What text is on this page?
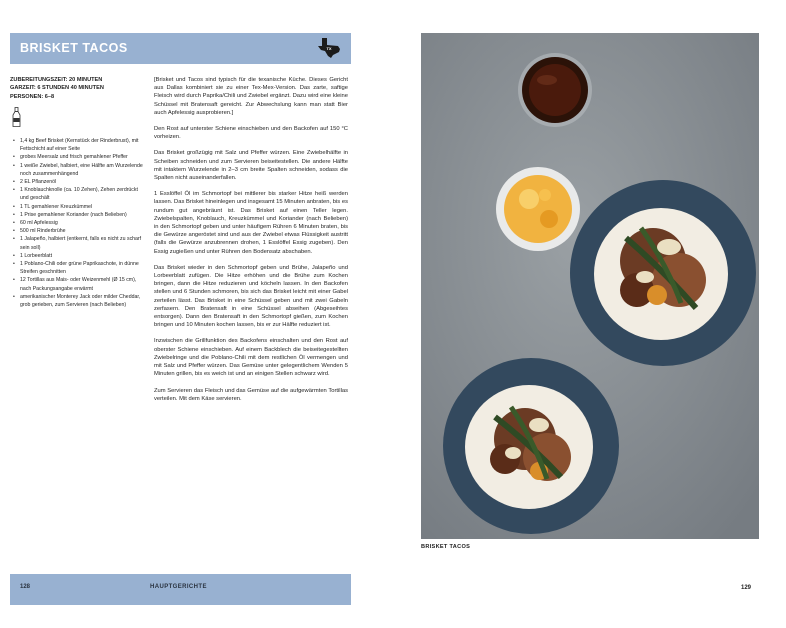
BRISKET TACOS	TX
ZUBEREITUNGSZEIT: 20 MINUTEN
GARZEIT: 6 STUNDEN 40 MINUTEN
PERSONEN: 6–8
• 1,4 kg Beef Brisket (Kernstück der Rinderbrust), mit Fettschicht auf einer Seite
• grobes Meersalz und frisch gemahlener Pfeffer
• 1 weiße Zwiebel, halbiert, eine Hälfte am Wurzelende noch zusammenhängend
• 2 EL Pflanzenöl
• 1 Knoblauchknolle (ca. 10 Zehen), Zehen zerdrückt und geschält
• 1 TL gemahlener Kreuzkümmel
• 1 Prise gemahlener Koriander (nach Belieben)
• 60 ml Apfelessig
• 500 ml Rinderbrühe
• 1 Jalapeño, halbiert (entkernt, falls es nicht zu scharf sein soll)
• 1 Lorbeerblatt
• 1 Poblano-Chili oder grüne Paprikaschote, in dünne Streifen geschnitten
• 12 Tortillas aus Mais- oder Weizenmehl (Ø 15 cm), nach Packungsangabe erwärmt
• amerikanischer Monterey Jack oder milder Cheddar, grob gerieben, zum Servieren (nach Belieben)

[Brisket und Tacos sind typisch für die texanische Küche. Dieses Gericht aus Dallas kombiniert sie zu einer Tex-Mex-Version. Das zarte, saftige Fleisch wird durch Paprika/Chili und Zwiebel ergänzt. Dazu wird eine kleine Schüssel mit Bratensaft gereicht. Zur Abwechslung kann man statt Bier auch Apfelessig ausprobieren.]

Den Rost auf unterster Schiene einschieben und den Backofen auf 150 °C vorheizen.

Das Brisket großzügig mit Salz und Pfeffer würzen. Eine Zwiebelhälfte in Scheiben schneiden und zum Servieren beiseitestellen. Die andere Hälfte mit intaktem Wurzelende in 2–3 cm breite Spalten schneiden, sodass die Spalten nicht auseinanderfallen.

1 Esslöffel Öl im Schmortopf bei mittlerer bis starker Hitze heiß werden lassen. Das Brisket hineinlegen und insgesamt 15 Minuten anbraten, bis es rundum gut angebräunt ist. Das Brisket auf einen Teller legen. Zwiebelspalten, Knoblauch, Kreuzkümmel und Koriander (nach Belieben) in den Schmortopf geben und unter häufigem Rühren 6 Minuten braten, bis die Gewürze angeröstet sind und aus der Zwiebel etwas Flüssigkeit austritt (falls die Gewürze anzubrennen drohen, 1 Esslöffel Essig zugeben). Den Essig zugießen und unter Rühren den Bodensatz abschaben.

Das Brisket wieder in den Schmortopf geben und Brühe, Jalapeño und Lorbeerblatt zufügen. Die Hitze erhöhen und die Brühe zum Kochen bringen, dann die Hitze reduzieren und köcheln lassen. In den Backofen stellen und 6 Stunden schmoren, bis sich das Brisket leicht mit einer Gabel zerteilen lässt. Das Brisket in eine Schüssel geben und mit zwei Gabeln zerfasern. Den Bratensaft in eine Schüssel abseihen (Abgeseihtes entsorgen). Dann den Bratensaft in den Schmortopf gießen, zum Kochen bringen und 10 Minuten kochen lassen, bis er zur Hälfte reduziert ist.

Inzwischen die Grillfunktion des Backofens einschalten und den Rost auf oberster Schiene einschieben. Auf einem Backblech die beiseitegestellten Zwiebelringe und die Poblano-Chili mit dem restlichen Öl vermengen und mit Salz und Pfeffer würzen. Das Gemüse unter gelegentlichem Wenden 5 Minuten grillen, bis es weich ist und an einigen Stellen schwarz wird.

Zum Servieren das Fleisch und das Gemüse auf die aufgewärmten Tortillas verteilen. Mit dem Käse servieren.

128	HAUPTGERICHTE
BRISKET TACOS
129
